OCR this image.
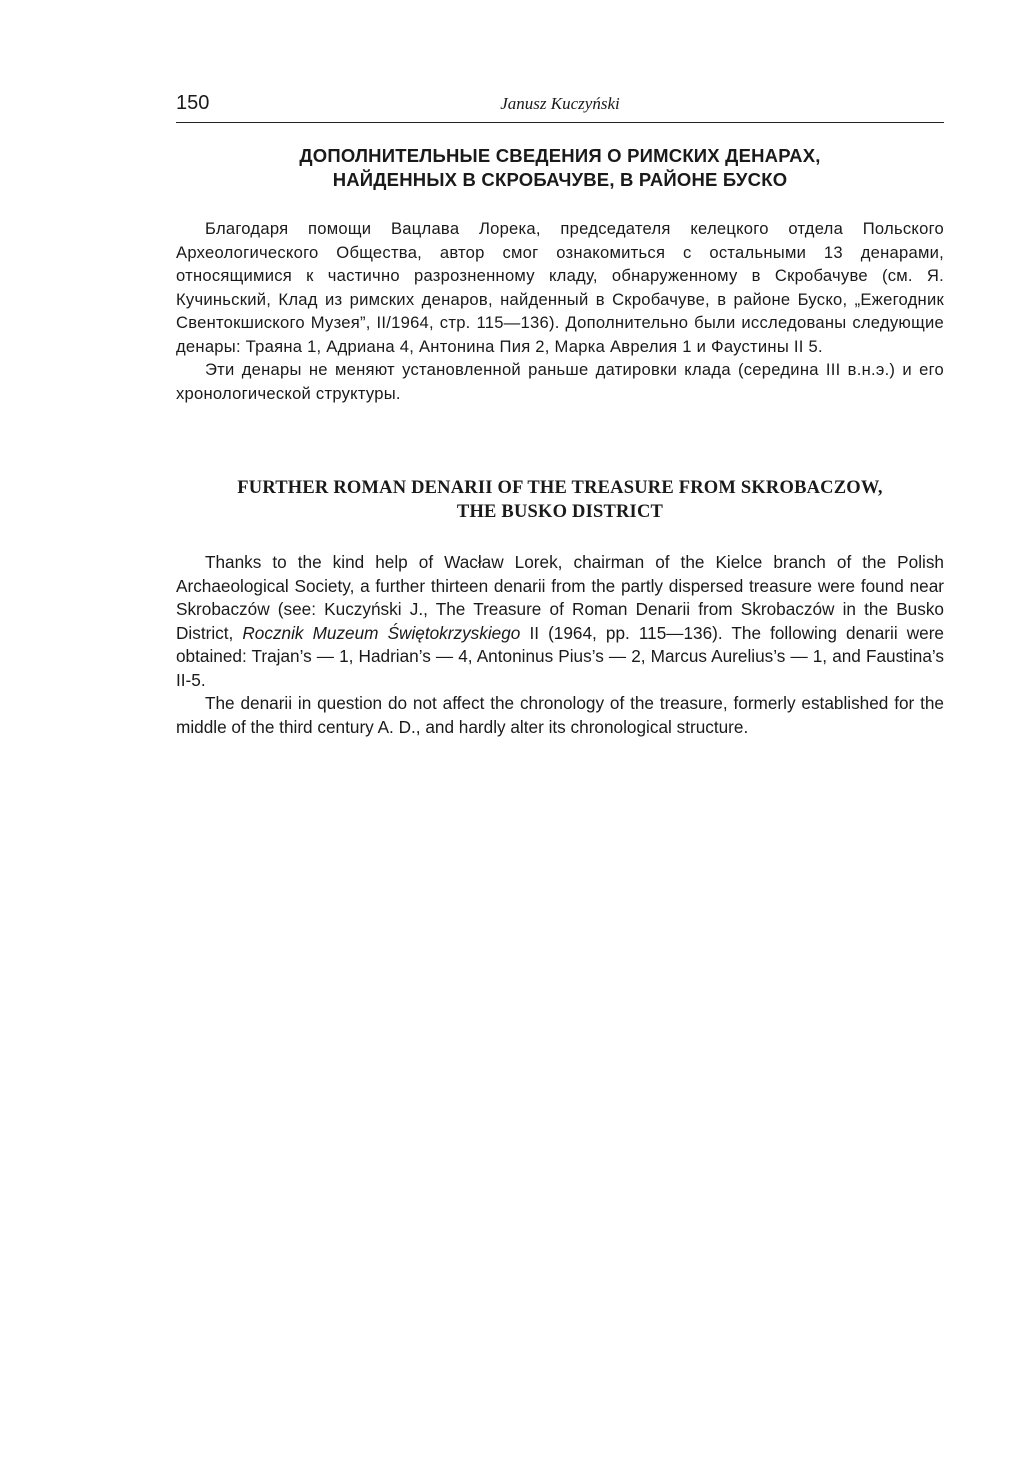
150	Janusz Kuczyński
ДОПОЛНИТЕЛЬНЫЕ СВЕДЕНИЯ О РИМСКИХ ДЕНАРАХ,
НАЙДЕННЫХ В СКРОБАЧУВЕ, В РАЙОНЕ БУСКО

Благодаря помощи Вацлава Лорека, председателя келецкого отдела Польского Археологического Общества, автор смог ознакомиться с остальными 13 денарами, относящимися к частично разрозненному кладу, обнаруженному в Скробачуве (см. Я. Кучиньский, Клад из римских денаров, найденный в Скробачуве, в районе Буско, „Ежегодник Свентокшиского Музея”, II/1964, стр. 115—136). Дополнительно были исследованы следующие денары: Траяна 1, Адриана 4, Антонина Пия 2, Марка Аврелия 1 и Фаустины II 5.

Эти денары не меняют установленной раньше датировки клада (середина III в.н.э.) и его хронологической структуры.

FURTHER ROMAN DENARII OF THE TREASURE FROM SKROBACZOW,
THE BUSKO DISTRICT

Thanks to the kind help of Wacław Lorek, chairman of the Kielce branch of the Polish Archaeological Society, a further thirteen denarii from the partly dispersed treasure were found near Skrobaczów (see: Kuczyński J., The Treasure of Roman Denarii from Skrobaczów in the Busko District, Rocznik Muzeum Świętokrzyskiego II (1964, pp. 115—136). The following denarii were obtained: Trajan’s — 1, Hadrian’s — 4, Antoninus Pius’s — 2, Marcus Aurelius’s — 1, and Faustina’s II-5.

The denarii in question do not affect the chronology of the treasure, formerly established for the middle of the third century A. D., and hardly alter its chronological structure.
